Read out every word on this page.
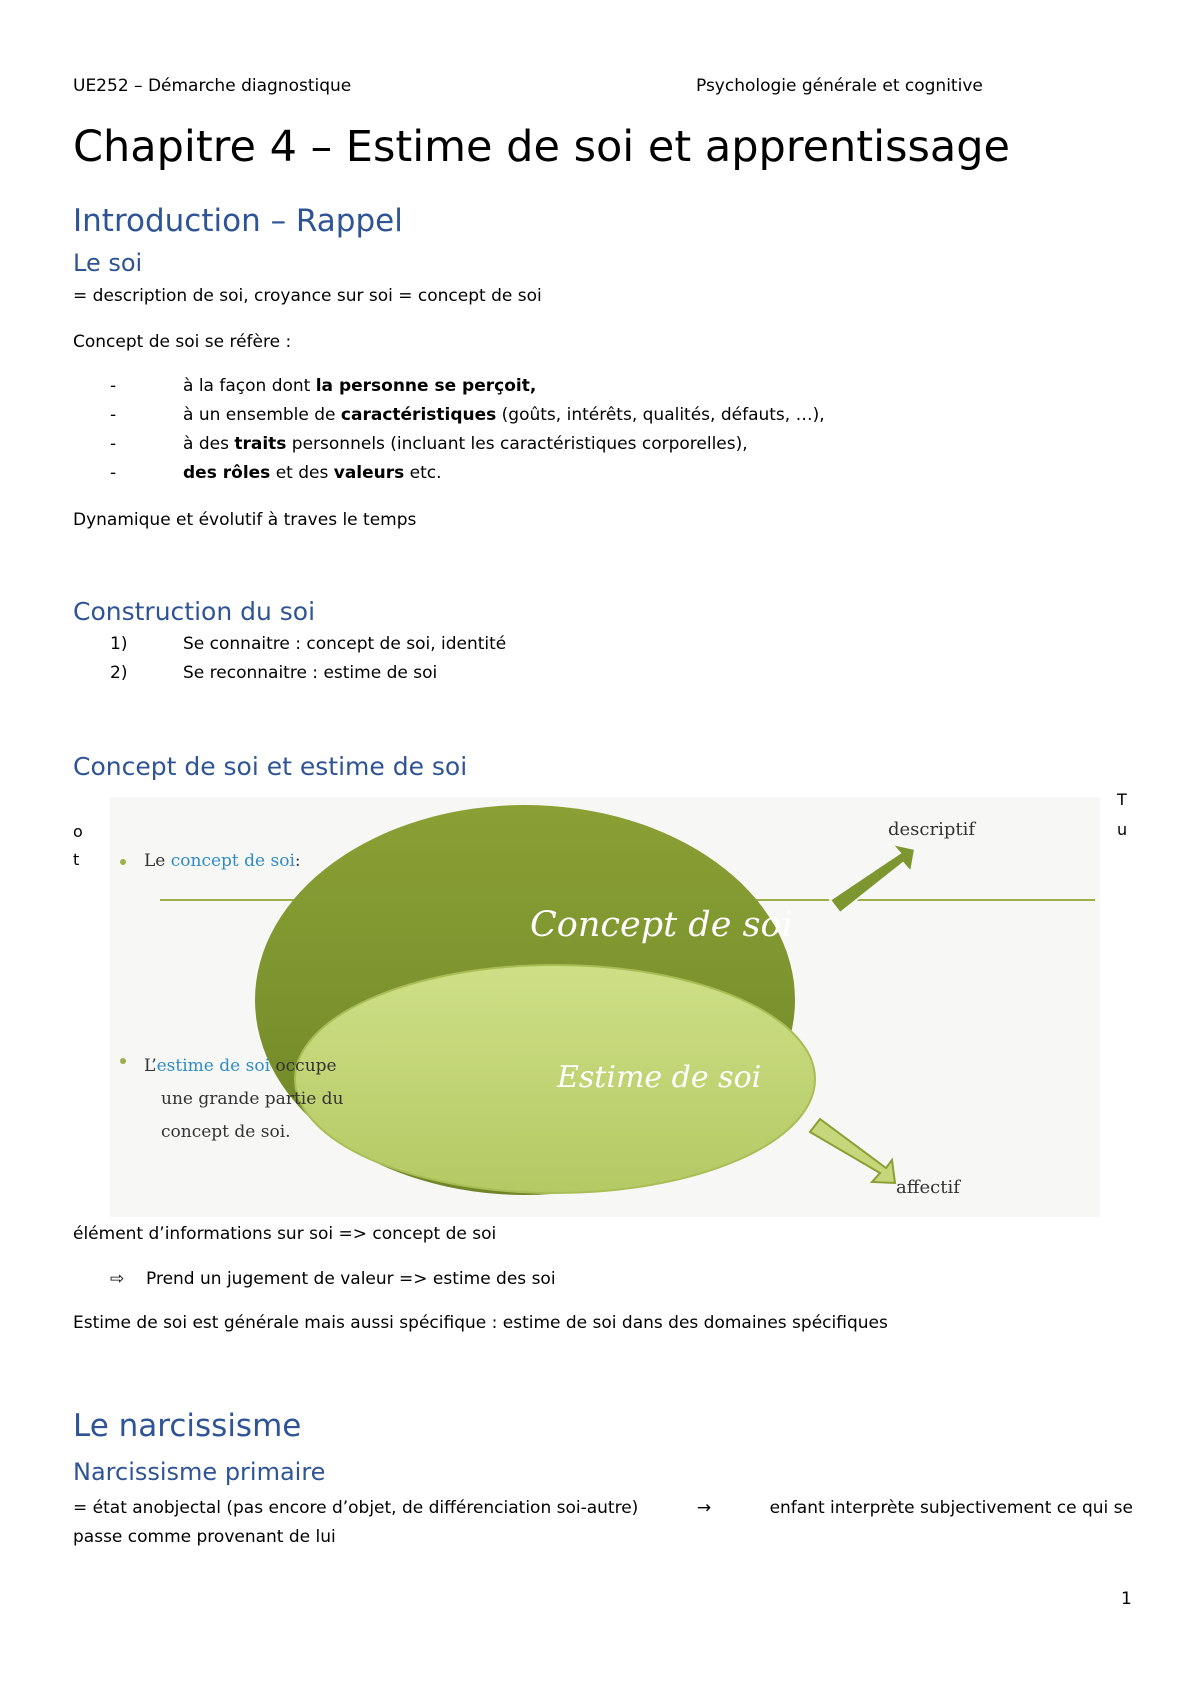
UE252 – Démarche diagnostique	Psychologie générale et cognitive
Chapitre 4 – Estime de soi et apprentissage
Introduction – Rappel
Le soi
= description de soi, croyance sur soi = concept de soi
Concept de soi se réfère :
-	à la façon dont la personne se perçoit,
-	à un ensemble de caractéristiques (goûts, intérêts, qualités, défauts, …),
-	à des traits personnels (incluant les caractéristiques corporelles),
-	des rôles et des valeurs etc.
Dynamique et évolutif à traves le temps
Construction du soi
1)	Se connaitre : concept de soi, identité
2)	Se reconnaitre : estime de soi
Concept de soi et estime de soi
o
t
T
u
Le concept de soi:
Concept de soi
Estime de soi
descriptif
affectif
L’estime de soi occupe
une grande partie du
concept de soi.
élément d’informations sur soi => concept de soi
⇨ Prend un jugement de valeur => estime des soi
Estime de soi est générale mais aussi spécifique : estime de soi dans des domaines spécifiques
Le narcissisme
Narcissisme primaire
= état anobjectal (pas encore d’objet, de différenciation soi-autre)	→	enfant interprète subjectivement ce qui se
passe comme provenant de lui
1
